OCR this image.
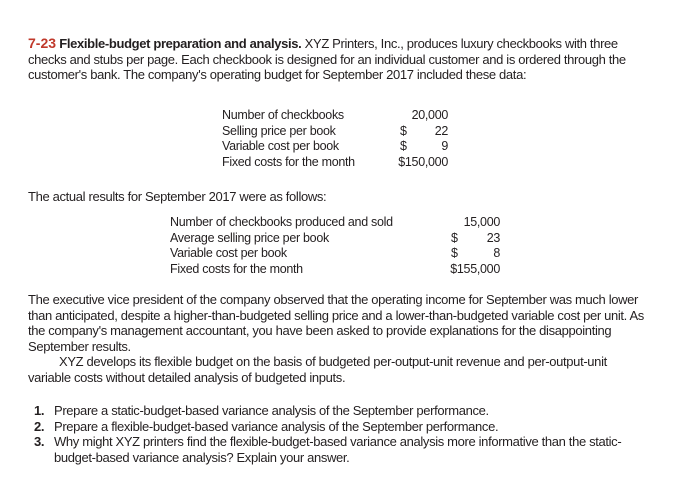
7-23 Flexible-budget preparation and analysis. XYZ Printers, Inc., produces luxury checkbooks with three checks and stubs per page. Each checkbook is designed for an individual customer and is ordered through the customer's bank. The company's operating budget for September 2017 included these data:

Number of checkbooks	20,000
Selling price per book	$ 22
Variable cost per book	$	9
Fixed costs for the month	$150,000

The actual results for September 2017 were as follows:

Number of checkbooks produced and sold	15,000
Average selling price per book	$ 23
Variable cost per book	$	8
Fixed costs for the month	$155,000

The executive vice president of the company observed that the operating income for September was much lower than anticipated, despite a higher-than-budgeted selling price and a lower-than-budgeted variable cost per unit. As the company's management accountant, you have been asked to provide explanations for the disappointing September results.

XYZ develops its flexible budget on the basis of budgeted per-output-unit revenue and per-output-unit variable costs without detailed analysis of budgeted inputs.

1. Prepare a static-budget-based variance analysis of the September performance.
2. Prepare a flexible-budget-based variance analysis of the September performance.
3. Why might XYZ printers find the flexible-budget-based variance analysis more informative than the static-budget-based variance analysis? Explain your answer.
